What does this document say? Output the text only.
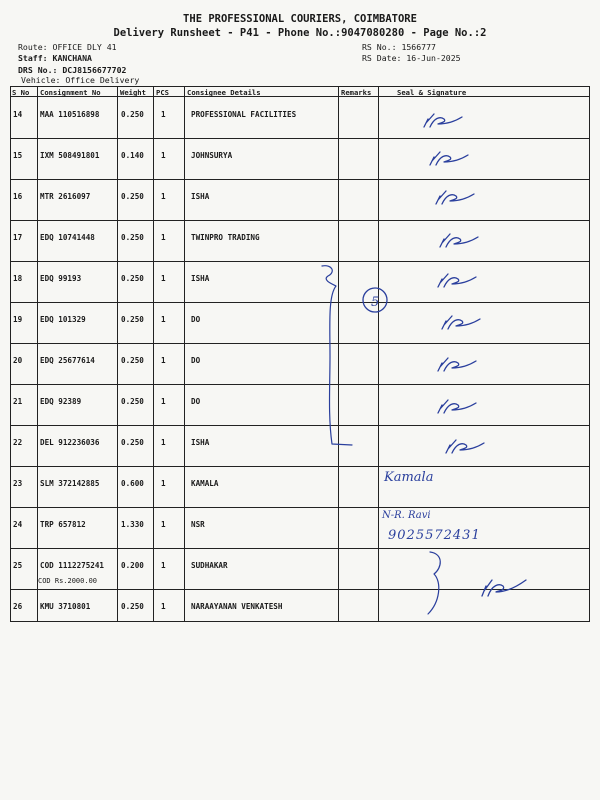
THE PROFESSIONAL COURIERS, COIMBATORE
Delivery Runsheet - P41 - Phone No.:9047080280 - Page No.:2
Route: OFFICE DLY 41
Staff: KANCHANA
DRS No.: DCJ8156677702
Vehicle: Office Delivery
RS No.: 1566777
RS Date: 16-Jun-2025
S No Consignment No	Weight PCS	Consignee Details	Remarks	Seal & Signature
14 MAA 110516898	0.250 1	PROFESSIONAL FACILITIES
15 IXM 508491801	0.140 1	JOHNSURYA
16 MTR 2616097	0.250 1	ISHA
17 EDQ 10741448	0.250 1	TWINPRO TRADING
18 EDQ 99193	0.250 1	ISHA
19 EDQ 101329	0.250 1	DO
20 EDQ 25677614	0.250 1	DO
21 EDQ 92389	0.250 1	DO
22 DEL 912236036	0.250 1	ISHA
23 SLM 372142885	0.600 1	KAMALA
24 TRP 657812	1.330 1	NSR
25 COD 1112275241 0.200 1	SUDHAKAR
COD Rs.2000.00
26 KMU 3710801	0.250 1	NARAAYANAN VENKATESH
5
Kamala
N-R. Ravi
9025572431
